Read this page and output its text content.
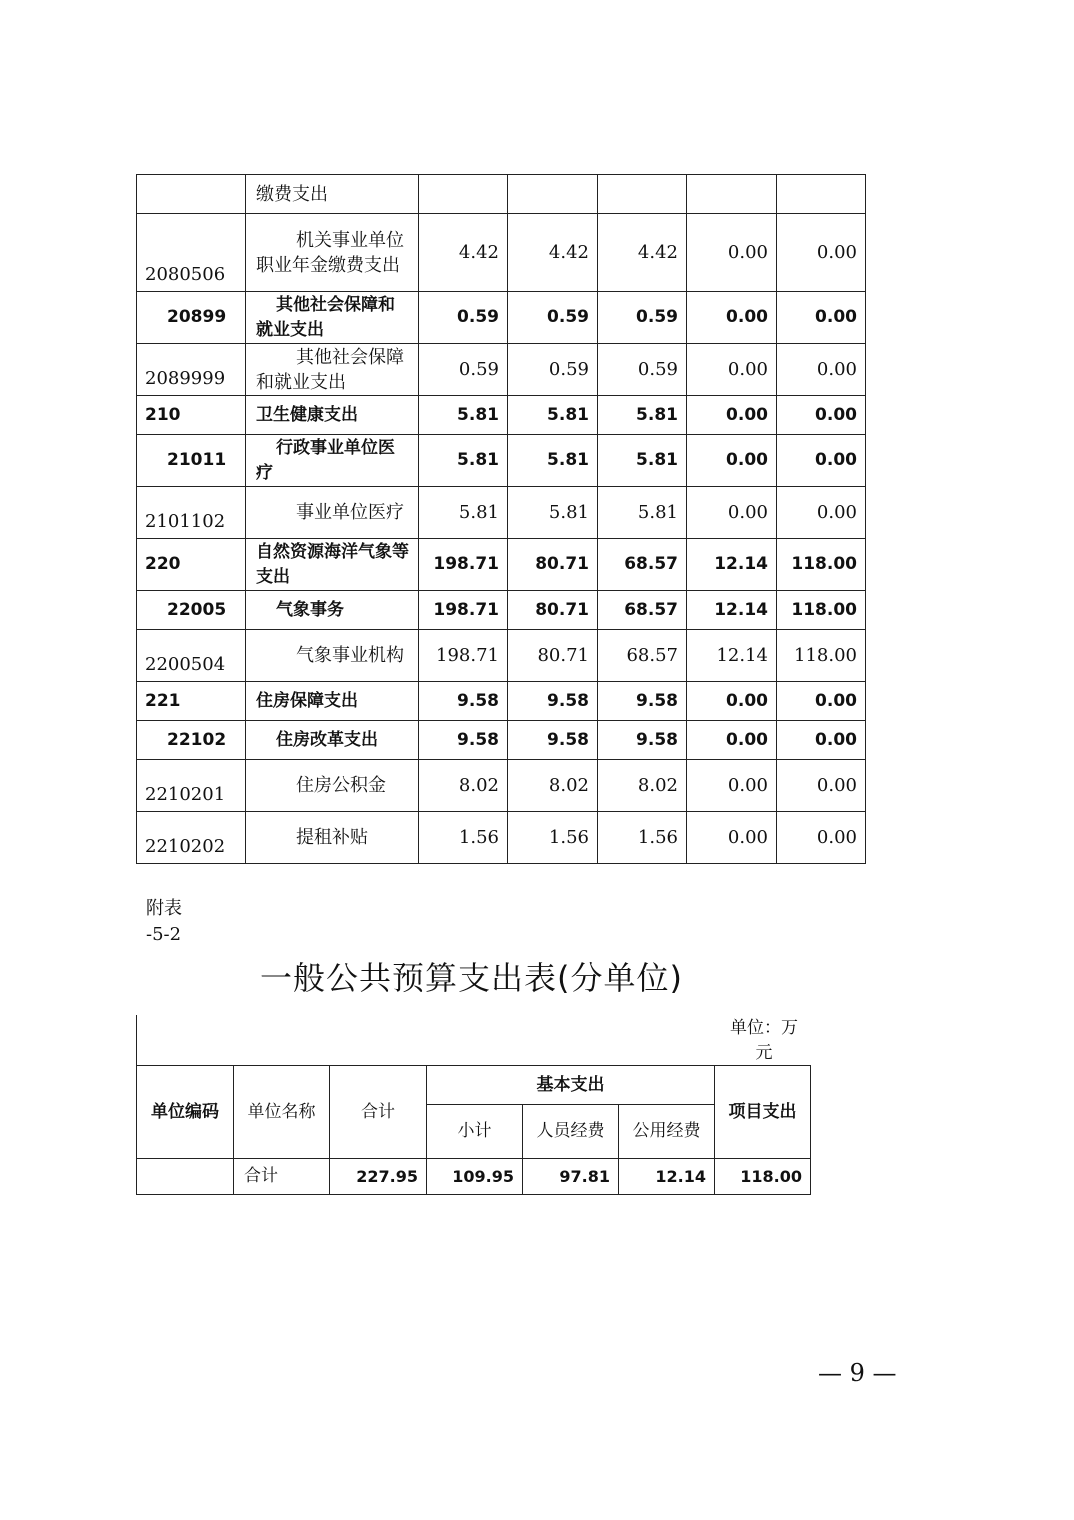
	缴费支出					
2080506	机关事业单位职业年金缴费支出	4.42	4.42	4.42	0.00	0.00
20899	其他社会保障和就业支出	0.59	0.59	0.59	0.00	0.00
2089999	其他社会保障和就业支出	0.59	0.59	0.59	0.00	0.00
210	卫生健康支出	5.81	5.81	5.81	0.00	0.00
21011	行政事业单位医疗	5.81	5.81	5.81	0.00	0.00
2101102	事业单位医疗	5.81	5.81	5.81	0.00	0.00
220	自然资源海洋气象等支出	198.71	80.71	68.57	12.14	118.00
22005	气象事务	198.71	80.71	68.57	12.14	118.00
2200504	气象事业机构	198.71	80.71	68.57	12.14	118.00
221	住房保障支出	9.58	9.58	9.58	0.00	0.00
22102	住房改革支出	9.58	9.58	9.58	0.00	0.00
2210201	住房公积金	8.02	8.02	8.02	0.00	0.00
2210202	提租补贴	1.56	1.56	1.56	0.00	0.00
附表
-5-2
一般公共预算支出表(分单位)
单位：万
元
单位编码	单位名称	合计	基本支出			项目支出
			小计	人员经费	公用经费	
	合计	227.95	109.95	97.81	12.14	118.00
— 9 —
